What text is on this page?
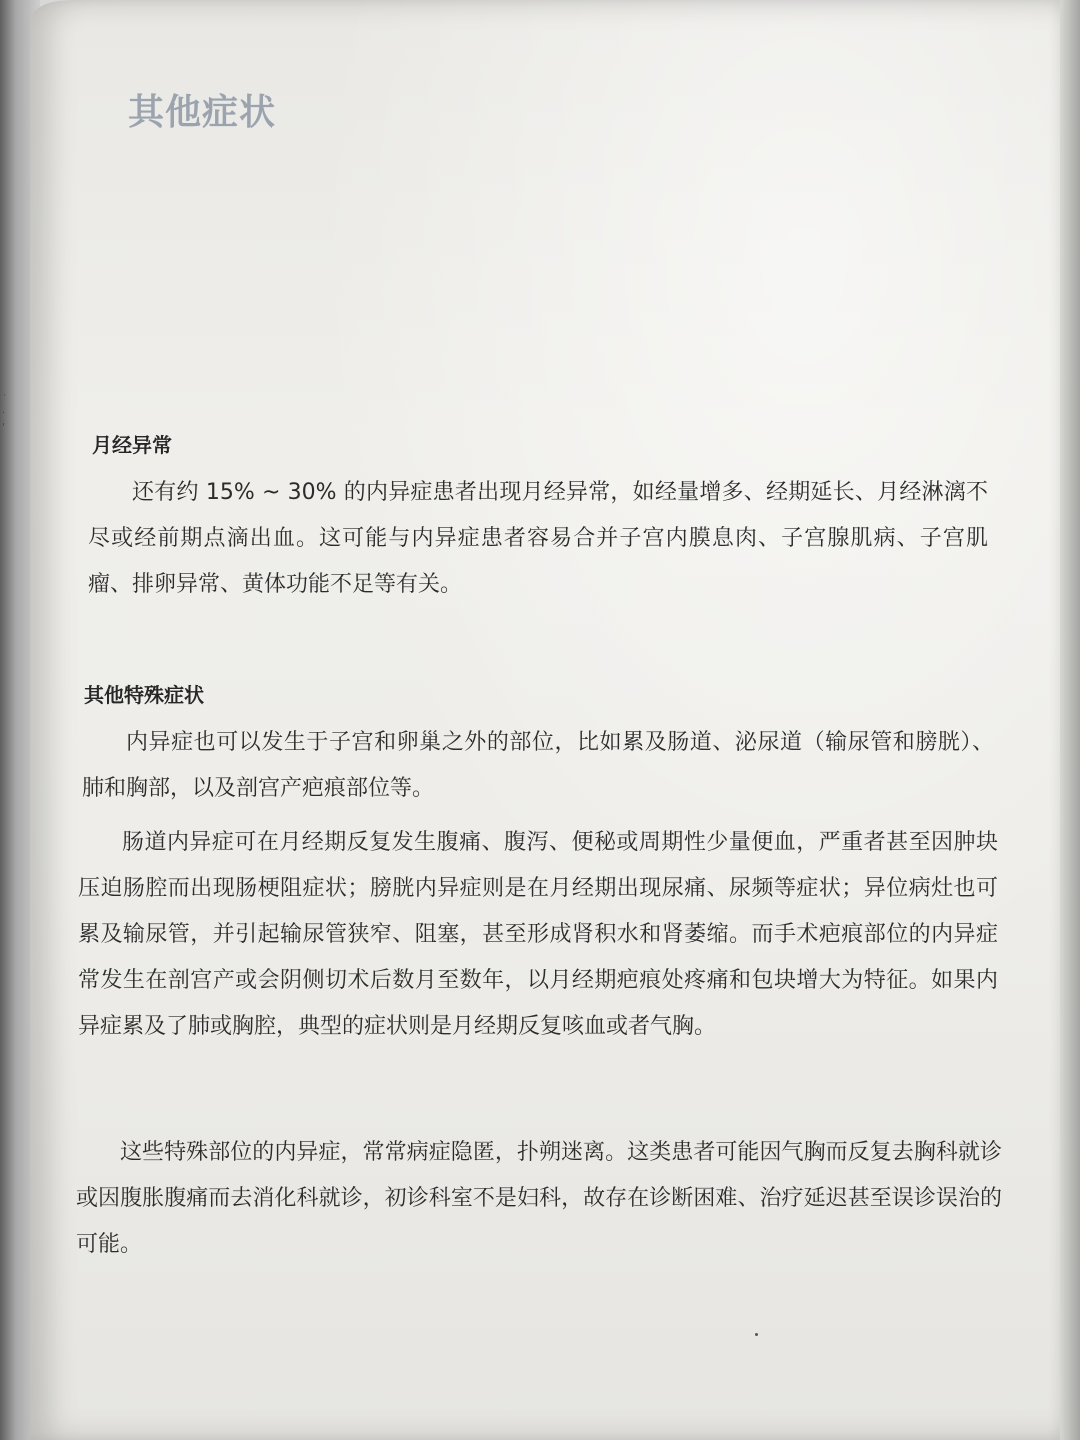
˙
·
'
其他症状
月经异常

还有约 15% ~ 30% 的内异症患者出现月经异常，如经量增多、经期延长、月经淋漓不尽或经前期点滴出血。这可能与内异症患者容易合并子宫内膜息肉、子宫腺肌病、子宫肌瘤、排卵异常、黄体功能不足等有关。

其他特殊症状

内异症也可以发生于子宫和卵巢之外的部位，比如累及肠道、泌尿道（输尿管和膀胱）、肺和胸部，以及剖宫产疤痕部位等。

肠道内异症可在月经期反复发生腹痛、腹泻、便秘或周期性少量便血，严重者甚至因肿块压迫肠腔而出现肠梗阻症状；膀胱内异症则是在月经期出现尿痛、尿频等症状；异位病灶也可累及输尿管，并引起输尿管狭窄、阻塞，甚至形成肾积水和肾萎缩。而手术疤痕部位的内异症常发生在剖宫产或会阴侧切术后数月至数年，以月经期疤痕处疼痛和包块增大为特征。如果内异症累及了肺或胸腔，典型的症状则是月经期反复咳血或者气胸。

这些特殊部位的内异症，常常病症隐匿，扑朔迷离。这类患者可能因气胸而反复去胸科就诊或因腹胀腹痛而去消化科就诊，初诊科室不是妇科，故存在诊断困难、治疗延迟甚至误诊误治的可能。
